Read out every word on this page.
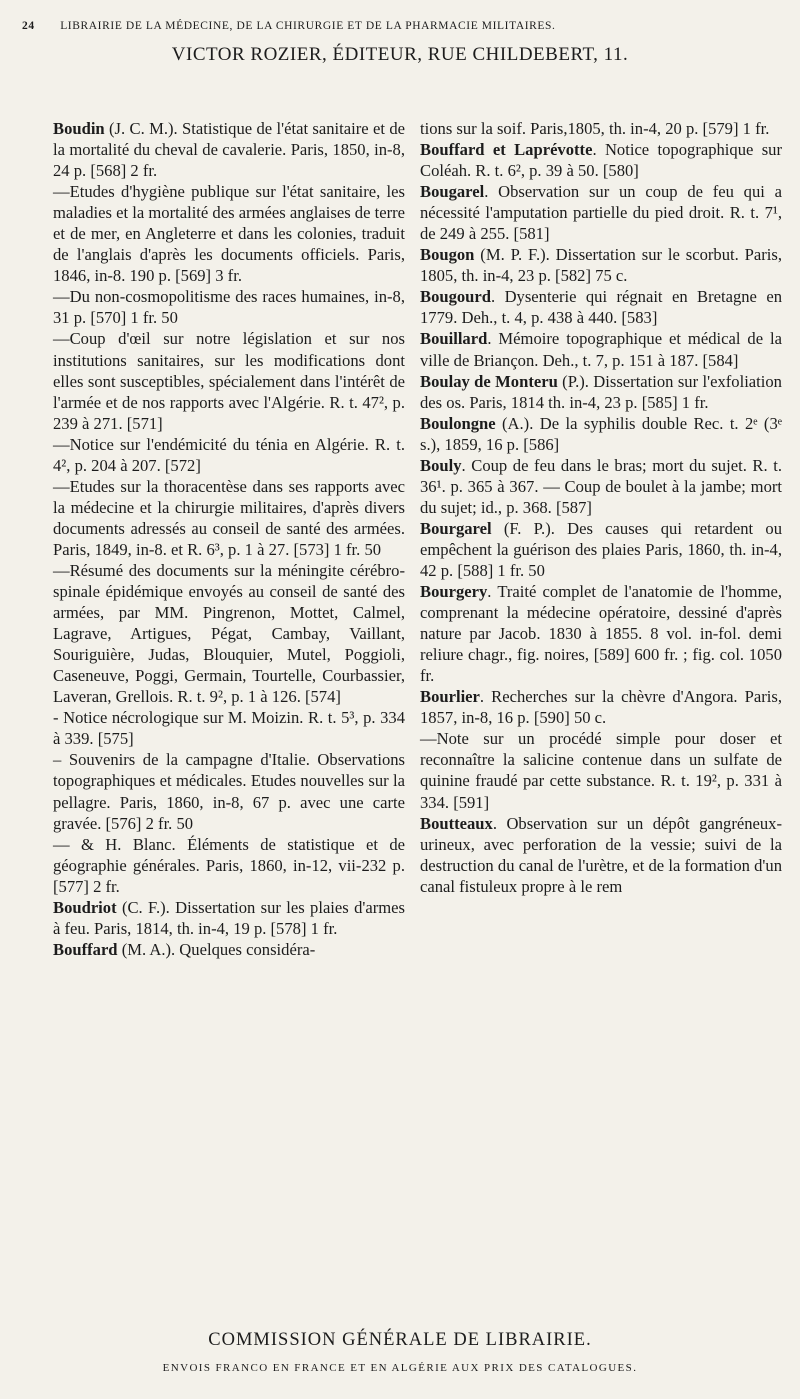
24 LIBRAIRIE DE LA MÉDECINE, DE LA CHIRURGIE ET DE LA PHARMACIE MILITAIRES.
VICTOR ROZIER, ÉDITEUR, RUE CHILDEBERT, 11.

Boudin (J. C. M.). Statistique de l'état sanitaire et de la mortalité du cheval de cavalerie. Paris, 1850, in-8, 24 p. [568] 2 fr.

—Etudes d'hygiène publique sur l'état sanitaire, les maladies et la mortalité des armées anglaises de terre et de mer, en Angleterre et dans les colonies, traduit de l'anglais d'après les documents officiels. Paris, 1846, in-8. 190 p. [569] 3 fr.

—Du non-cosmopolitisme des races humaines, in-8, 31 p. [570] 1 fr. 50

—Coup d'œil sur notre législation et sur nos institutions sanitaires, sur les modifications dont elles sont susceptibles, spécialement dans l'intérêt de l'armée et de nos rapports avec l'Algérie. R. t. 47², p. 239 à 271. [571]

—Notice sur l'endémicité du ténia en Algérie. R. t. 4², p. 204 à 207. [572]

—Etudes sur la thoracentèse dans ses rapports avec la médecine et la chirurgie militaires, d'après divers documents adressés au conseil de santé des armées. Paris, 1849, in-8. et R. 6³, p. 1 à 27. [573] 1 fr. 50

—Résumé des documents sur la méningite cérébro-spinale épidémique envoyés au conseil de santé des armées, par MM. Pingrenon, Mottet, Calmel, Lagrave, Artigues, Pégat, Cambay, Vaillant, Souriguière, Judas, Blouquier, Mutel, Poggioli, Caseneuve, Poggi, Germain, Tourtelle, Courbassier, Laveran, Grellois. R. t. 9², p. 1 à 126. [574]

- Notice nécrologique sur M. Moizin. R. t. 5³, p. 334 à 339. [575]

– Souvenirs de la campagne d'Italie. Observations topographiques et médicales. Etudes nouvelles sur la pellagre. Paris, 1860, in-8, 67 p. avec une carte gravée. [576] 2 fr. 50

— & H. Blanc. Éléments de statistique et de géographie générales. Paris, 1860, in-12, vii-232 p. [577] 2 fr.

Boudriot (C. F.). Dissertation sur les plaies d'armes à feu. Paris, 1814, th. in-4, 19 p. [578] 1 fr.

Bouffard (M. A.). Quelques considéra-

tions sur la soif. Paris,1805, th. in-4, 20 p. [579] 1 fr.

Bouffard et Laprévotte. Notice topographique sur Coléah. R. t. 6², p. 39 à 50. [580]

Bougarel. Observation sur un coup de feu qui a nécessité l'amputation partielle du pied droit. R. t. 7¹, de 249 à 255. [581]

Bougon (M. P. F.). Dissertation sur le scorbut. Paris, 1805, th. in-4, 23 p. [582] 75 c.

Bougourd. Dysenterie qui régnait en Bretagne en 1779. Deh., t. 4, p. 438 à 440. [583]

Bouillard. Mémoire topographique et médical de la ville de Briançon. Deh., t. 7, p. 151 à 187. [584]

Boulay de Monteru (P.). Dissertation sur l'exfoliation des os. Paris, 1814 th. in-4, 23 p. [585] 1 fr.

Boulongne (A.). De la syphilis double Rec. t. 2ᵉ (3ᵉ s.), 1859, 16 p. [586]

Bouly. Coup de feu dans le bras; mort du sujet. R. t. 36¹. p. 365 à 367. — Coup de boulet à la jambe; mort du sujet; id., p. 368. [587]

Bourgarel (F. P.). Des causes qui retardent ou empêchent la guérison des plaies Paris, 1860, th. in-4, 42 p. [588] 1 fr. 50

Bourgery. Traité complet de l'anatomie de l'homme, comprenant la médecine opératoire, dessiné d'après nature par Jacob. 1830 à 1855. 8 vol. in-fol. demi reliure chagr., fig. noires, [589] 600 fr. ; fig. col. 1050 fr.

Bourlier. Recherches sur la chèvre d'Angora. Paris, 1857, in-8, 16 p. [590] 50 c.

—Note sur un procédé simple pour doser et reconnaître la salicine contenue dans un sulfate de quinine fraudé par cette substance. R. t. 19², p. 331 à 334. [591]

Boutteaux. Observation sur un dépôt gangréneux-urineux, avec perforation de la vessie; suivi de la destruction du canal de l'urètre, et de la formation d'un canal fistuleux propre à le rem

COMMISSION GÉNÉRALE DE LIBRAIRIE.
ENVOIS FRANCO EN FRANCE ET EN ALGÉRIE AUX PRIX DES CATALOGUES.
